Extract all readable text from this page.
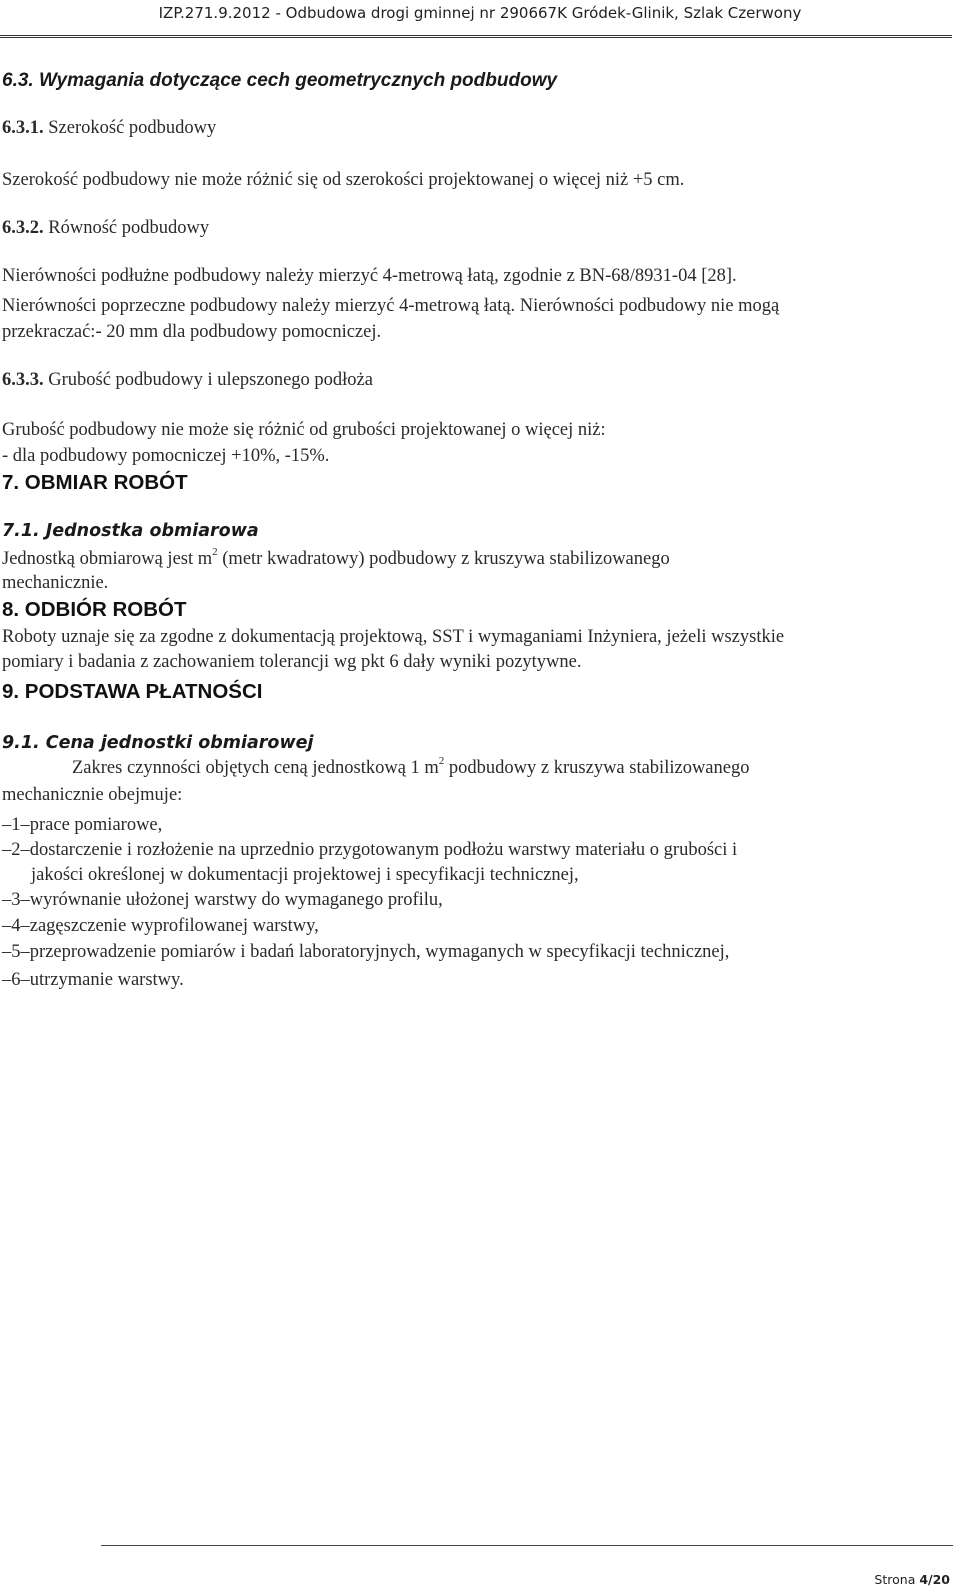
IZP.271.9.2012 - Odbudowa drogi gminnej nr 290667K Gródek-Glinik, Szlak Czerwony
6.3. Wymagania dotyczące cech geometrycznych podbudowy
6.3.1. Szerokość podbudowy
Szerokość podbudowy nie może różnić się od szerokości projektowanej o więcej niż +5 cm.
6.3.2. Równość podbudowy
Nierówności podłużne podbudowy należy mierzyć 4-metrową łatą, zgodnie z BN-68/8931-04 [28].
Nierówności poprzeczne podbudowy należy mierzyć 4-metrową łatą. Nierówności podbudowy nie mogą
przekraczać:- 20 mm dla podbudowy pomocniczej.
6.3.3. Grubość podbudowy i ulepszonego podłoża
Grubość podbudowy nie może się różnić od grubości projektowanej o więcej niż:
- dla podbudowy pomocniczej +10%, -15%.
7. OBMIAR ROBÓT
7.1. Jednostka obmiarowa
Jednostką obmiarową jest $m^2$ (metr kwadratowy) podbudowy z kruszywa stabilizowanego
mechanicznie.
8. ODBIÓR ROBÓT
Roboty uznaje się za zgodne z dokumentacją projektową, SST i wymaganiami Inżyniera, jeżeli wszystkie
pomiary i badania z zachowaniem tolerancji wg pkt 6 dały wyniki pozytywne.
9. PODSTAWA PŁATNOŚCI
9.1. Cena jednostki obmiarowej
Zakres czynności objętych ceną jednostkową 1 $m^2$ podbudowy z kruszywa stabilizowanego
mechanicznie obejmuje:
–1–prace pomiarowe,
–2–dostarczenie i rozłożenie na uprzednio przygotowanym podłożu warstwy materiału o grubości i
jakości określonej w dokumentacji projektowej i specyfikacji technicznej,
–3–wyrównanie ułożonej warstwy do wymaganego profilu,
–4–zagęszczenie wyprofilowanej warstwy,
–5–przeprowadzenie pomiarów i badań laboratoryjnych, wymaganych w specyfikacji technicznej,
–6–utrzymanie warstwy.
Strona 4/20
